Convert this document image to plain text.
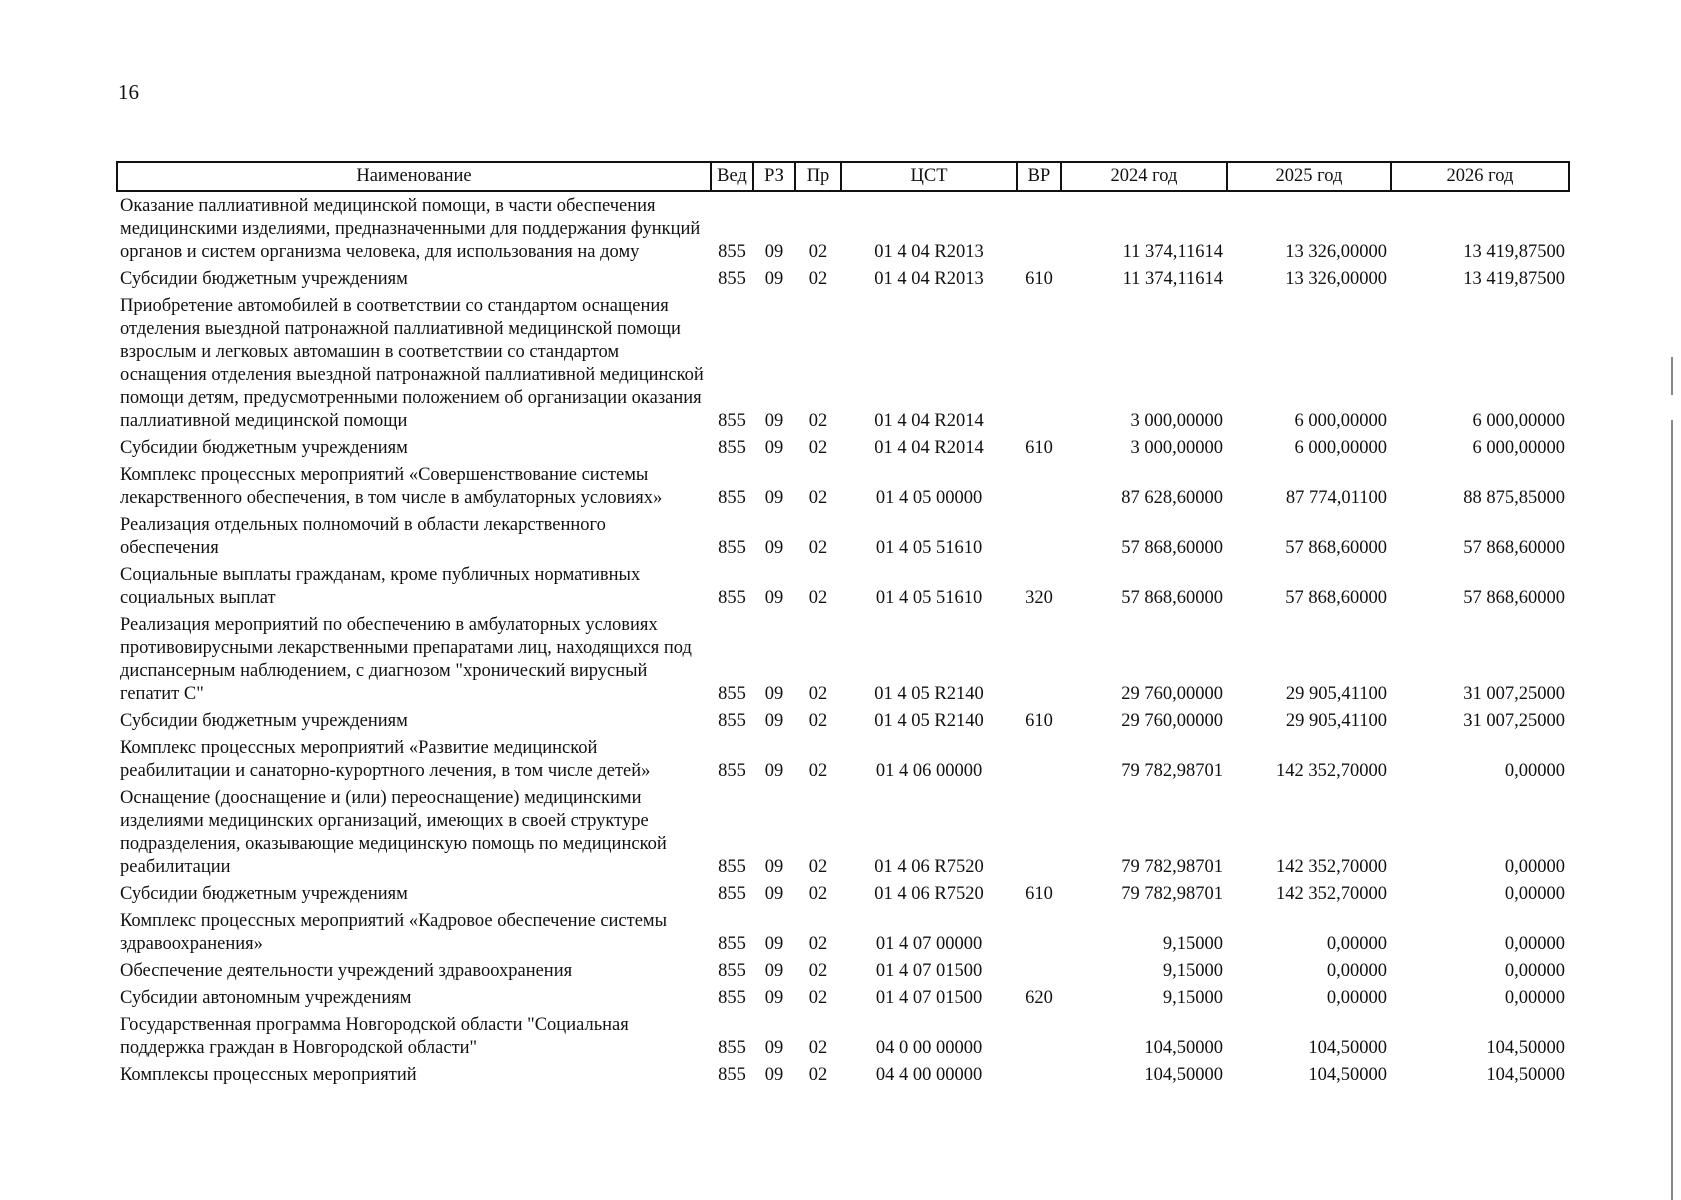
16
Наименование	Вед	РЗ	Пр	ЦСТ	ВР	2024 год	2025 год	2026 год

Оказание паллиативной медицинской помощи, в части обеспечения медицинскими изделиями, предназначенными для поддержания функций органов и систем организма человека, для использования на дому	855	09	02	01 4 04 R2013		11 374,11614	13 326,00000	13 419,87500
Субсидии бюджетным учреждениям	855	09	02	01 4 04 R2013	610	11 374,11614	13 326,00000	13 419,87500
Приобретение автомобилей в соответствии со стандартом оснащения отделения выездной патронажной паллиативной медицинской помощи взрослым и легковых автомашин в соответствии со стандартом оснащения отделения выездной патронажной паллиативной медицинской помощи детям, предусмотренными положением об организации оказания паллиативной медицинской помощи	855	09	02	01 4 04 R2014		3 000,00000	6 000,00000	6 000,00000
Субсидии бюджетным учреждениям	855	09	02	01 4 04 R2014	610	3 000,00000	6 000,00000	6 000,00000
Комплекс процессных мероприятий «Совершенствование системы лекарственного обеспечения, в том числе в амбулаторных условиях»	855	09	02	01 4 05 00000		87 628,60000	87 774,01100	88 875,85000
Реализация отдельных полномочий в области лекарственного обеспечения	855	09	02	01 4 05 51610		57 868,60000	57 868,60000	57 868,60000
Социальные выплаты гражданам, кроме публичных нормативных социальных выплат	855	09	02	01 4 05 51610	320	57 868,60000	57 868,60000	57 868,60000
Реализация мероприятий по обеспечению в амбулаторных условиях противовирусными лекарственными препаратами лиц, находящихся под диспансерным наблюдением, с диагнозом "хронический вирусный гепатит С"	855	09	02	01 4 05 R2140		29 760,00000	29 905,41100	31 007,25000
Субсидии бюджетным учреждениям	855	09	02	01 4 05 R2140	610	29 760,00000	29 905,41100	31 007,25000
Комплекс процессных мероприятий «Развитие медицинской реабилитации и санаторно-курортного лечения, в том числе детей»	855	09	02	01 4 06 00000		79 782,98701	142 352,70000	0,00000
Оснащение (дооснащение и (или) переоснащение) медицинскими изделиями медицинских организаций, имеющих в своей структуре подразделения, оказывающие медицинскую помощь по медицинской реабилитации	855	09	02	01 4 06 R7520		79 782,98701	142 352,70000	0,00000
Субсидии бюджетным учреждениям	855	09	02	01 4 06 R7520	610	79 782,98701	142 352,70000	0,00000
Комплекс процессных мероприятий «Кадровое обеспечение системы здравоохранения»	855	09	02	01 4 07 00000		9,15000	0,00000	0,00000
Обеспечение деятельности учреждений здравоохранения	855	09	02	01 4 07 01500		9,15000	0,00000	0,00000
Субсидии автономным учреждениям	855	09	02	01 4 07 01500	620	9,15000	0,00000	0,00000
Государственная программа Новгородской области "Социальная поддержка граждан в Новгородской области"	855	09	02	04 0 00 00000		104,50000	104,50000	104,50000
Комплексы процессных мероприятий	855	09	02	04 4 00 00000		104,50000	104,50000	104,50000
